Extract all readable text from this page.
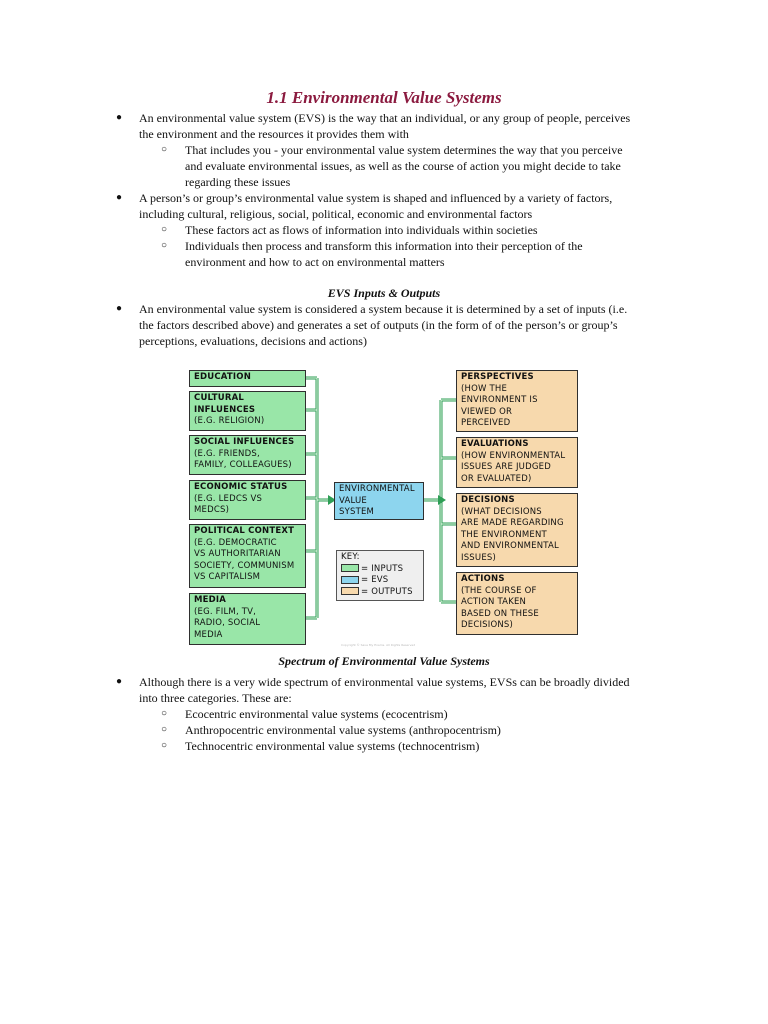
1.1 Environmental Value Systems
● An environmental value system (EVS) is the way that an individual, or any group of people, perceives
the environment and the resources it provides them with
○ That includes you - your environmental value system determines the way that you perceive
and evaluate environmental issues, as well as the course of action you might decide to take
regarding these issues
● A person’s or group’s environmental value system is shaped and influenced by a variety of factors,
including cultural, religious, social, political, economic and environmental factors
○ These factors act as flows of information into individuals within societies
○ Individuals then process and transform this information into their perception of the
environment and how to act on environmental matters
EVS Inputs & Outputs
● An environmental value system is considered a system because it is determined by a set of inputs (i.e.
the factors described above) and generates a set of outputs (in the form of of the person’s or group’s
perceptions, evaluations, decisions and actions)
EDUCATION
CULTURAL
INFLUENCES
(E.G. RELIGION)
SOCIAL INFLUENCES
(E.G. FRIENDS,
FAMILY, COLLEAGUES)
ECONOMIC STATUS
(E.G. LEDCS VS
MEDCS)
POLITICAL CONTEXT
(E.G. DEMOCRATIC
VS AUTHORITARIAN
SOCIETY, COMMUNISM
VS CAPITALISM
MEDIA
(EG. FILM, TV,
RADIO, SOCIAL
MEDIA
ENVIRONMENTAL
VALUE
SYSTEM
KEY:
= INPUTS
= EVS
= OUTPUTS
PERSPECTIVES
(HOW THE
ENVIRONMENT IS
VIEWED OR
PERCEIVED
EVALUATIONS
(HOW ENVIRONMENTAL
ISSUES ARE JUDGED
OR EVALUATED)
DECISIONS
(WHAT DECISIONS
ARE MADE REGARDING
THE ENVIRONMENT
AND ENVIRONMENTAL
ISSUES)
ACTIONS
(THE COURSE OF
ACTION TAKEN
BASED ON THESE
DECISIONS)
Copyright © Save My Exams. All Rights Reserved
Spectrum of Environmental Value Systems
● Although there is a very wide spectrum of environmental value systems, EVSs can be broadly divided
into three categories. These are:
○ Ecocentric environmental value systems (ecocentrism)
○ Anthropocentric environmental value systems (anthropocentrism)
○ Technocentric environmental value systems (technocentrism)
